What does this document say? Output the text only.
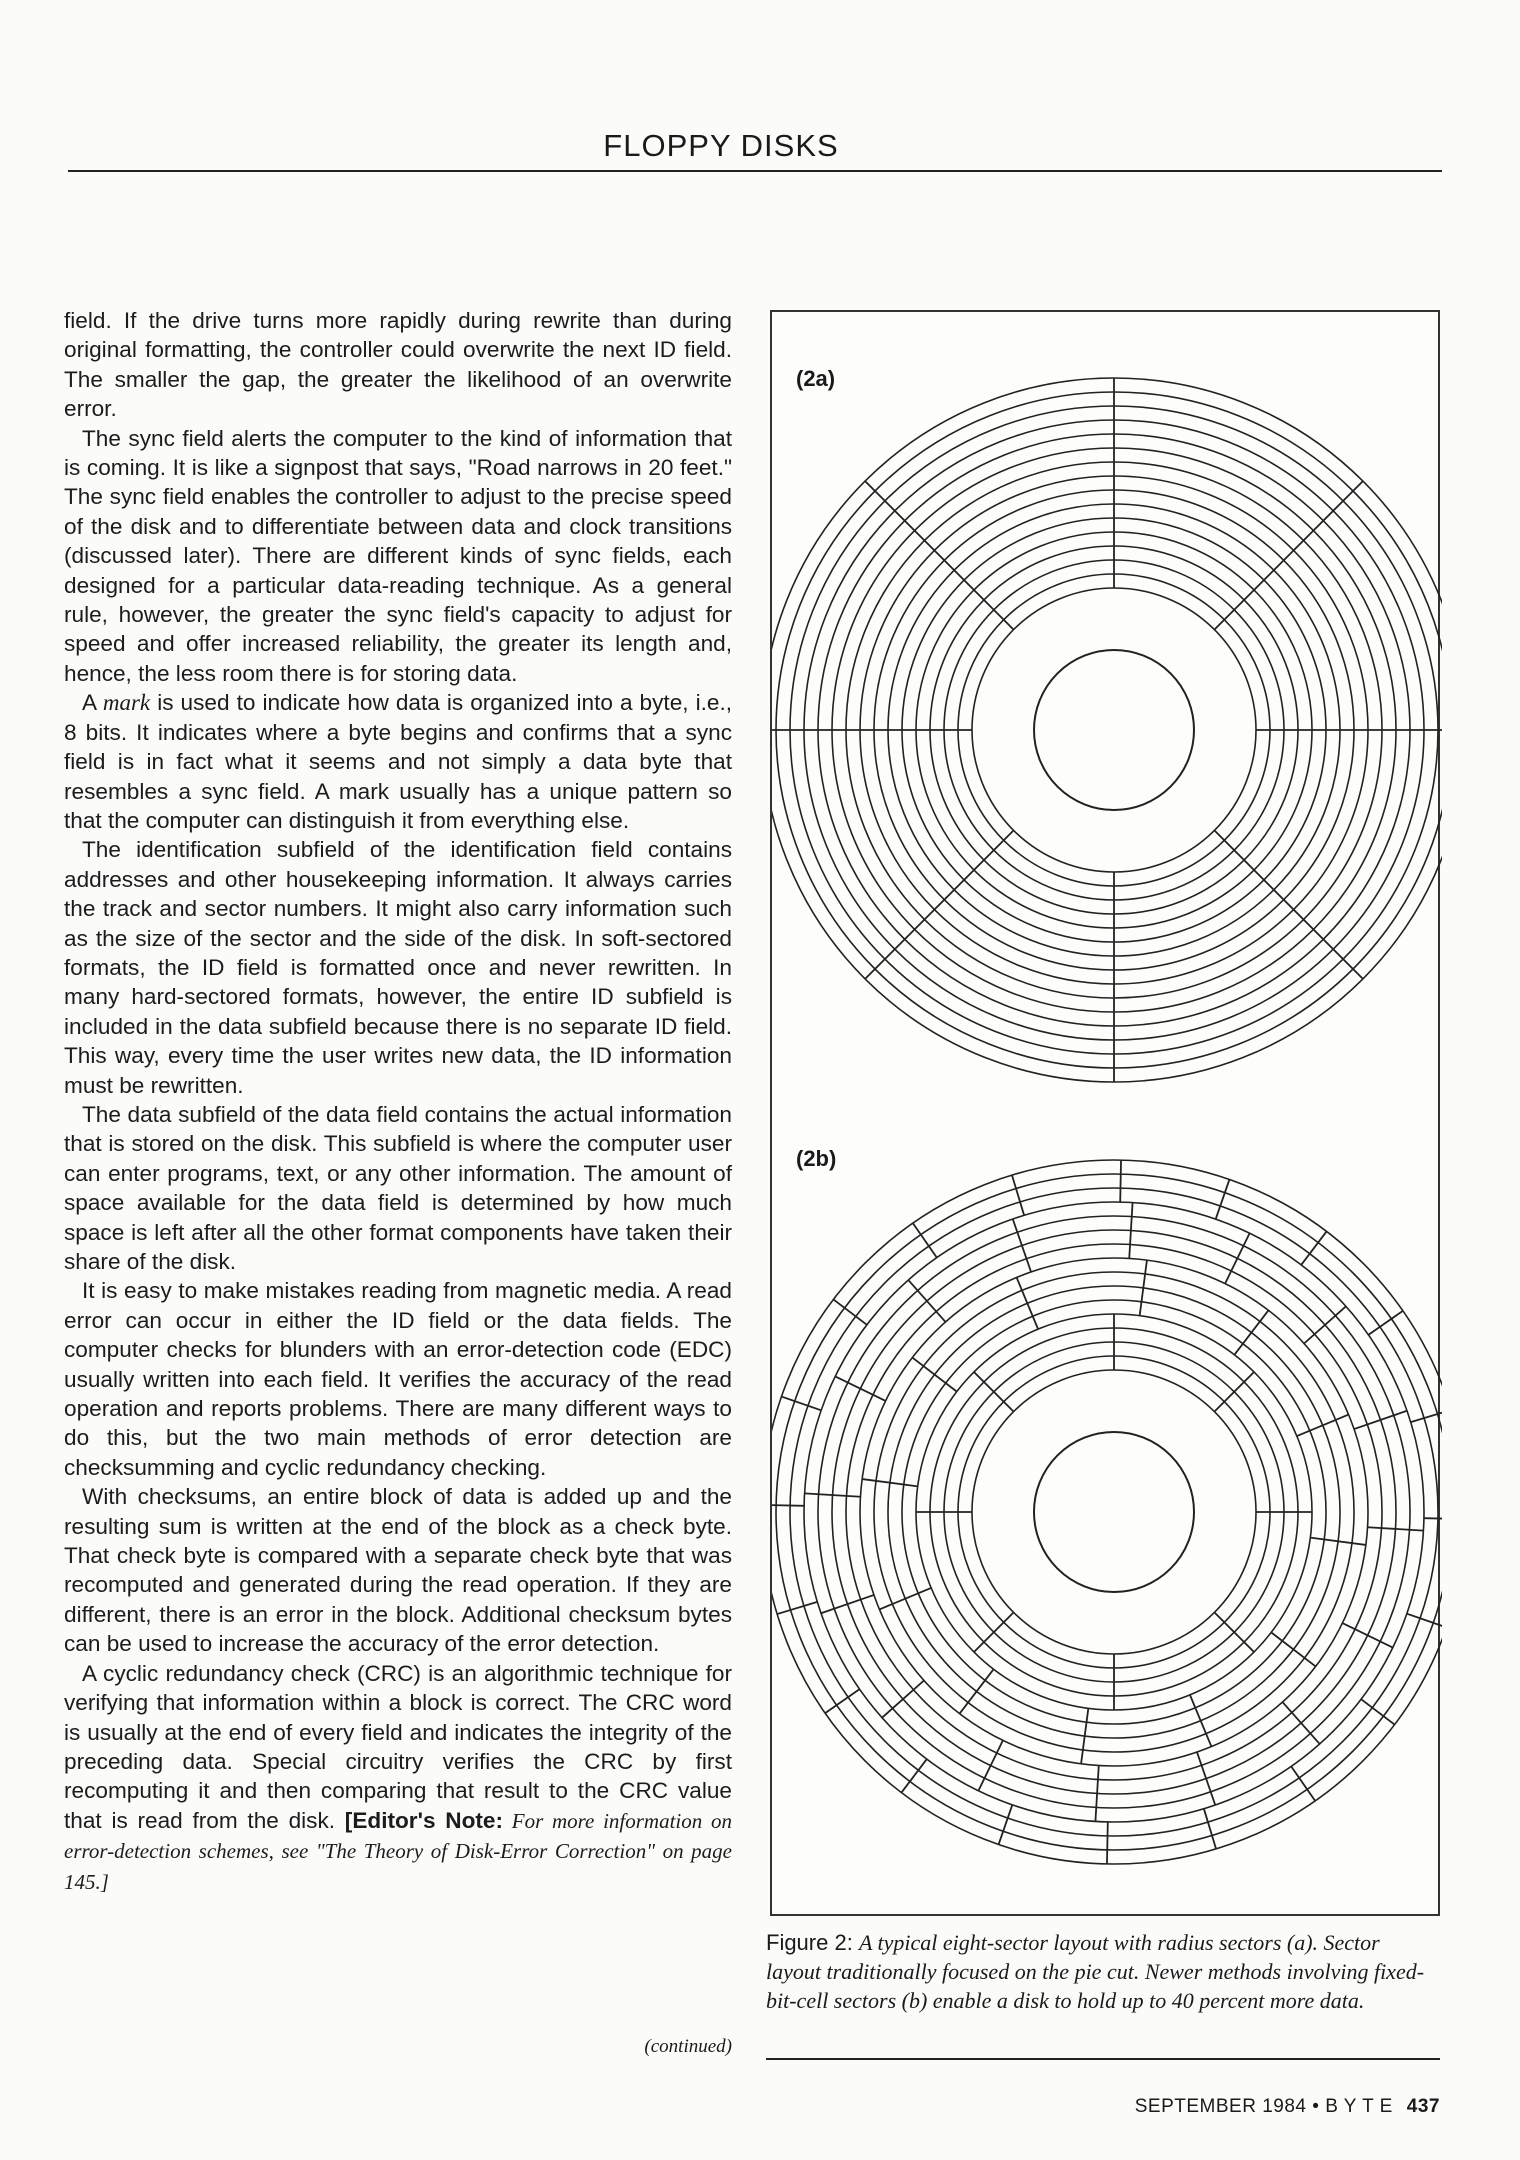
FLOPPY DISKS

field. If the drive turns more rapidly during rewrite than during original formatting, the controller could overwrite the next ID field. The smaller the gap, the greater the likelihood of an overwrite error.

The sync field alerts the computer to the kind of information that is coming. It is like a signpost that says, "Road narrows in 20 feet." The sync field enables the controller to adjust to the precise speed of the disk and to differentiate between data and clock transitions (discussed later). There are different kinds of sync fields, each designed for a particular data-reading technique. As a general rule, however, the greater the sync field's capacity to adjust for speed and offer increased reliability, the greater its length and, hence, the less room there is for storing data.

A mark is used to indicate how data is organized into a byte, i.e., 8 bits. It indicates where a byte begins and confirms that a sync field is in fact what it seems and not simply a data byte that resembles a sync field. A mark usually has a unique pattern so that the computer can distinguish it from everything else.

The identification subfield of the identification field contains addresses and other housekeeping information. It always carries the track and sector numbers. It might also carry information such as the size of the sector and the side of the disk. In soft-sectored formats, the ID field is formatted once and never rewritten. In many hard-sectored formats, however, the entire ID subfield is included in the data subfield because there is no separate ID field. This way, every time the user writes new data, the ID information must be rewritten.

The data subfield of the data field contains the actual information that is stored on the disk. This subfield is where the computer user can enter programs, text, or any other information. The amount of space available for the data field is determined by how much space is left after all the other format components have taken their share of the disk.

It is easy to make mistakes reading from magnetic media. A read error can occur in either the ID field or the data fields. The computer checks for blunders with an error-detection code (EDC) usually written into each field. It verifies the accuracy of the read operation and reports problems. There are many different ways to do this, but the two main methods of error detection are checksumming and cyclic redundancy checking.

With checksums, an entire block of data is added up and the resulting sum is written at the end of the block as a check byte. That check byte is compared with a separate check byte that was recomputed and generated during the read operation. If they are different, there is an error in the block. Additional checksum bytes can be used to increase the accuracy of the error detection.

A cyclic redundancy check (CRC) is an algorithmic technique for verifying that information within a block is correct. The CRC word is usually at the end of every field and indicates the integrity of the preceding data. Special circuitry verifies the CRC by first recomputing it and then comparing that result to the CRC value that is read from the disk. [Editor's Note: For more information on error-detection schemes, see "The Theory of Disk-Error Correction" on page 145.]

(continued)
(2a)
(2b)
Figure 2: A typical eight-sector layout with radius sectors (a). Sector layout traditionally focused on the pie cut. Newer methods involving fixed-bit-cell sectors (b) enable a disk to hold up to 40 percent more data.
SEPTEMBER 1984 • B Y T E 437
